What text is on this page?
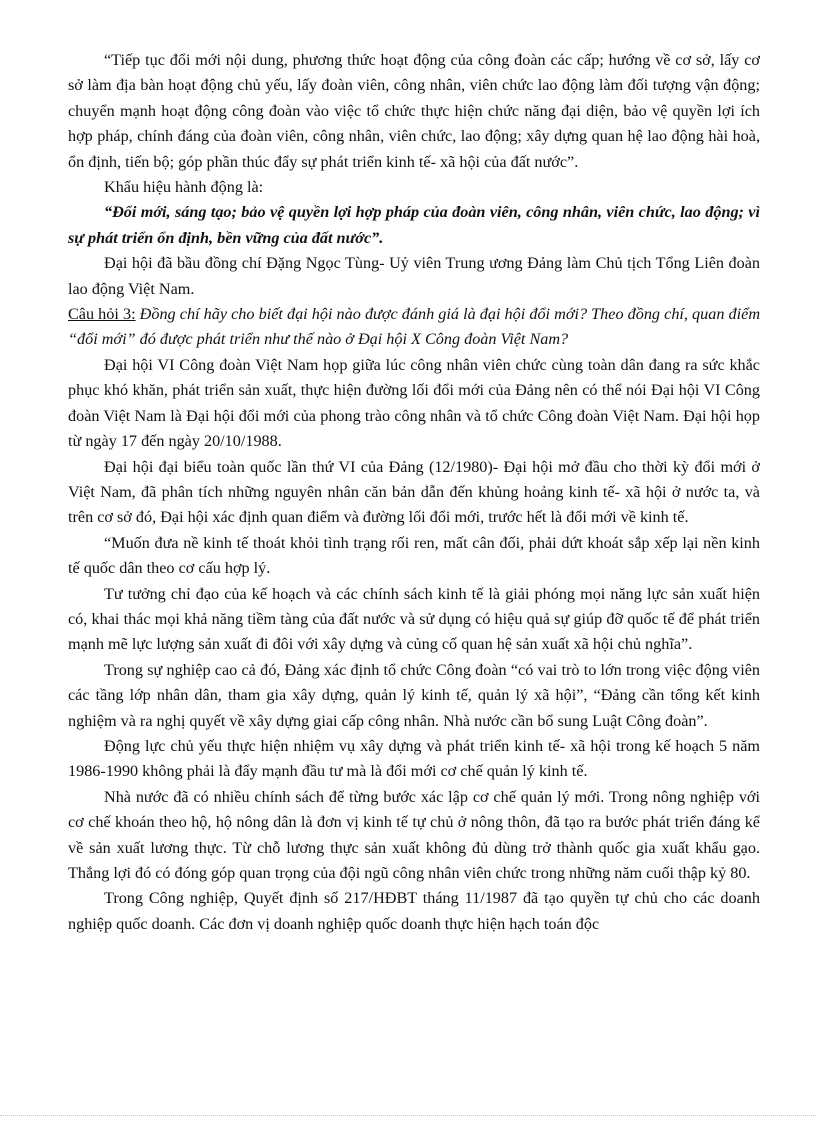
“Tiếp tục đổi mới nội dung, phương thức hoạt động của công đoàn các cấp; hướng về cơ sở, lấy cơ sở làm địa bàn hoạt động chủ yếu, lấy đoàn viên, công nhân, viên chức lao động làm đối tượng vận động; chuyển mạnh hoạt động công đoàn vào việc tổ chức thực hiện chức năng đại diện, bảo vệ quyền lợi ích hợp pháp, chính đáng của đoàn viên, công nhân, viên chức, lao động; xây dựng quan hệ lao động hài hoà, ổn định, tiến bộ; góp phần thúc đẩy sự phát triển kinh tế- xã hội của đất nước”.

Khẩu hiệu hành động là:

“Đổi mới, sáng tạo; bảo vệ quyền lợi hợp pháp của đoàn viên, công nhân, viên chức, lao động; vì sự phát triển ổn định, bền vững của đất nước”.

Đại hội đã bầu đồng chí Đặng Ngọc Tùng- Uỷ viên Trung ương Đảng làm Chủ tịch Tổng Liên đoàn lao động Việt Nam.

Câu hỏi 3: Đồng chí hãy cho biết đại hội nào được đánh giá là đại hội đổi mới? Theo đồng chí, quan điểm “đổi mới” đó được phát triển như thế nào ở Đại hội X Công đoàn Việt Nam?

Đại hội VI Công đoàn Việt Nam họp giữa lúc công nhân viên chức cùng toàn dân đang ra sức khắc phục khó khăn, phát triển sản xuất, thực hiện đường lối đổi mới của Đảng nên có thể nói Đại hội VI Công đoàn Việt Nam là Đại hội đổi mới của phong trào công nhân và tổ chức Công đoàn Việt Nam. Đại hội họp từ ngày 17 đến ngày 20/10/1988.

Đại hội đại biểu toàn quốc lần thứ VI của Đảng (12/1980)- Đại hội mở đầu cho thời kỳ đổi mới ở Việt Nam, đã phân tích những nguyên nhân căn bản dẫn đến khủng hoảng kinh tế- xã hội ở nước ta, và trên cơ sở đó, Đại hội xác định quan điểm và đường lối đổi mới, trước hết là đổi mới về kinh tế.

“Muốn đưa nề kinh tế thoát khỏi tình trạng rối ren, mất cân đối, phải dứt khoát sắp xếp lại nền kinh tế quốc dân theo cơ cấu hợp lý.

Tư tưởng chỉ đạo của kế hoạch và các chính sách kinh tế là giải phóng mọi năng lực sản xuất hiện có, khai thác mọi khả năng tiềm tàng của đất nước và sử dụng có hiệu quả sự giúp đỡ quốc tế để phát triển mạnh mẽ lực lượng sản xuất đi đôi với xây dựng và củng cố quan hệ sản xuất xã hội chủ nghĩa”.

Trong sự nghiệp cao cả đó, Đảng xác định tổ chức Công đoàn “có vai trò to lớn trong việc động viên các tầng lớp nhân dân, tham gia xây dựng, quản lý kinh tế, quản lý xã hội”, “Đảng cần tổng kết kinh nghiệm và ra nghị quyết về xây dựng giai cấp công nhân. Nhà nước cần bổ sung Luật Công đoàn”.

Động lực chủ yếu thực hiện nhiệm vụ xây dựng và phát triển kinh tế- xã hội trong kế hoạch 5 năm 1986-1990 không phải là đẩy mạnh đầu tư mà là đổi mới cơ chế quản lý kinh tế.

Nhà nước đã có nhiều chính sách để từng bước xác lập cơ chế quản lý mới. Trong nông nghiệp với cơ chế khoán theo hộ, hộ nông dân là đơn vị kinh tế tự chủ ở nông thôn, đã tạo ra bước phát triển đáng kể về sản xuất lương thực. Từ chỗ lương thực sản xuất không đủ dùng trở thành quốc gia xuất khẩu gạo. Thắng lợi đó có đóng góp quan trọng của đội ngũ công nhân viên chức trong những năm cuối thập kỷ 80.

Trong Công nghiệp, Quyết định số 217/HĐBT tháng 11/1987 đã tạo quyền tự chủ cho các doanh nghiệp quốc doanh. Các đơn vị doanh nghiệp quốc doanh thực hiện hạch toán độc
